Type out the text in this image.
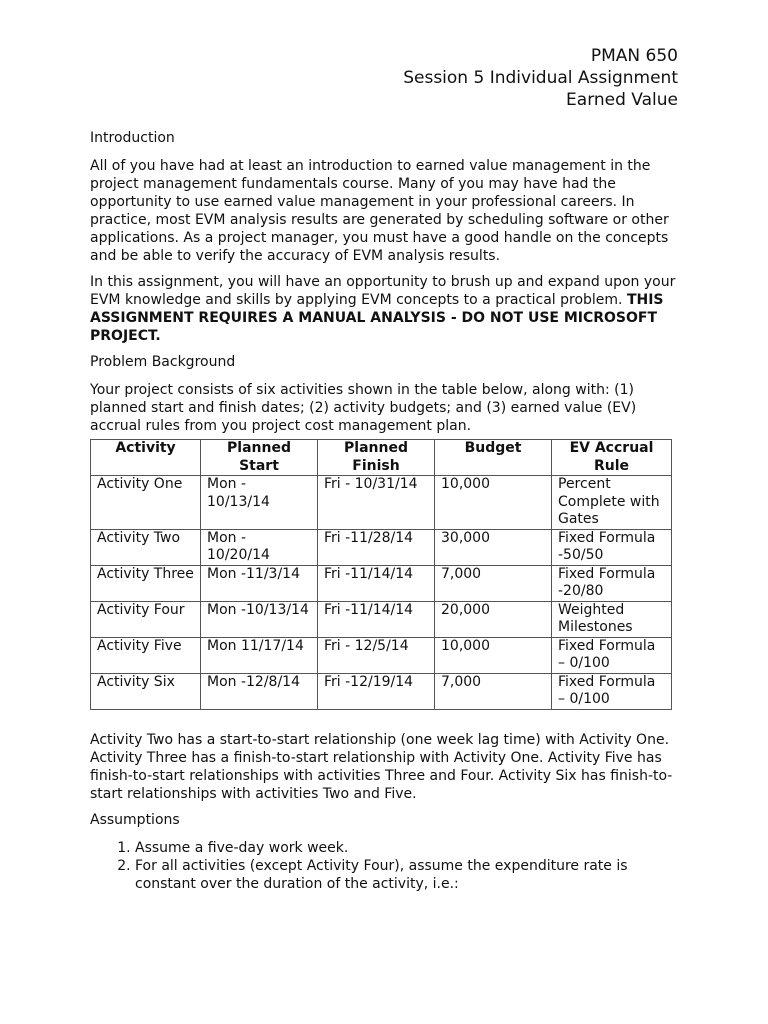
PMAN 650
Session 5 Individual Assignment
Earned Value

Introduction

All of you have had at least an introduction to earned value management in the project management fundamentals course. Many of you may have had the opportunity to use earned value management in your professional careers. In practice, most EVM analysis results are generated by scheduling software or other applications. As a project manager, you must have a good handle on the concepts and be able to verify the accuracy of EVM analysis results.

In this assignment, you will have an opportunity to brush up and expand upon your EVM knowledge and skills by applying EVM concepts to a practical problem. THIS ASSIGNMENT REQUIRES A MANUAL ANALYSIS - DO NOT USE MICROSOFT PROJECT.

Problem Background

Your project consists of six activities shown in the table below, along with: (1) planned start and finish dates; (2) activity budgets; and (3) earned value (EV) accrual rules from you project cost management plan.

Activity	Planned Start	Planned Finish	Budget	EV Accrual Rule
Activity One	Mon - 10/13/14	Fri - 10/31/14	10,000	Percent Complete with Gates
Activity Two	Mon - 10/20/14	Fri -11/28/14	30,000	Fixed Formula -50/50
Activity Three	Mon -11/3/14	Fri -11/14/14	7,000	Fixed Formula -20/80
Activity Four	Mon -10/13/14	Fri -11/14/14	20,000	Weighted Milestones
Activity Five	Mon 11/17/14	Fri - 12/5/14	10,000	Fixed Formula – 0/100
Activity Six	Mon -12/8/14	Fri -12/19/14	7,000	Fixed Formula – 0/100

Activity Two has a start-to-start relationship (one week lag time) with Activity One. Activity Three has a finish-to-start relationship with Activity One. Activity Five has finish-to-start relationships with activities Three and Four. Activity Six has finish-to-start relationships with activities Two and Five.

Assumptions

1. Assume a five-day work week.
2. For all activities (except Activity Four), assume the expenditure rate is constant over the duration of the activity, i.e.:
